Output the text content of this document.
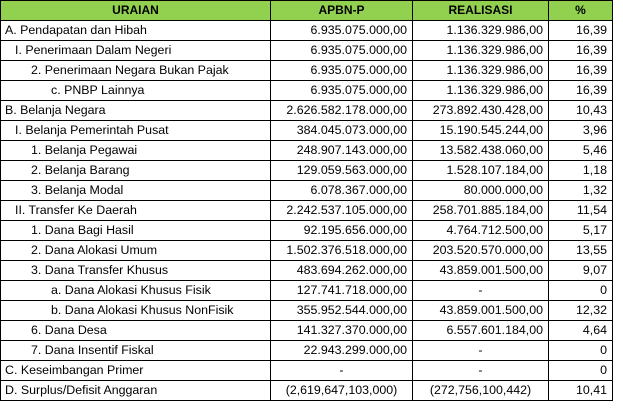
URAIAN	APBN-P	REALISASI	%
A. Pendapatan dan Hibah	6.935.075.000,00	1.136.329.986,00	16,39
I. Penerimaan Dalam Negeri	6.935.075.000,00	1.136.329.986,00	16,39
2. Penerimaan Negara Bukan Pajak	6.935.075.000,00	1.136.329.986,00	16,39
c. PNBP Lainnya	6.935.075.000,00	1.136.329.986,00	16,39
B. Belanja Negara	2.626.582.178.000,00	273.892.430.428,00	10,43
I. Belanja Pemerintah Pusat	384.045.073.000,00	15.190.545.244,00	3,96
1. Belanja Pegawai	248.907.143.000,00	13.582.438.060,00	5,46
2. Belanja Barang	129.059.563.000,00	1.528.107.184,00	1,18
3. Belanja Modal	6.078.367.000,00	80.000.000,00	1,32
II. Transfer Ke Daerah	2.242.537.105.000,00	258.701.885.184,00	11,54
1. Dana Bagi Hasil	92.195.656.000,00	4.764.712.500,00	5,17
2. Dana Alokasi Umum	1.502.376.518.000,00	203.520.570.000,00	13,55
3. Dana Transfer Khusus	483.694.262.000,00	43.859.001.500,00	9,07
a. Dana Alokasi Khusus Fisik	127.741.718.000,00	-	0
b. Dana Alokasi Khusus NonFisik	355.952.544.000,00	43.859.001.500,00	12,32
6. Dana Desa	141.327.370.000,00	6.557.601.184,00	4,64
7. Dana Insentif Fiskal	22.943.299.000,00	-	0
C. Keseimbangan Primer	-	-	0
D. Surplus/Defisit Anggaran	(2,619,647,103,000)	(272,756,100,442)	10,41
